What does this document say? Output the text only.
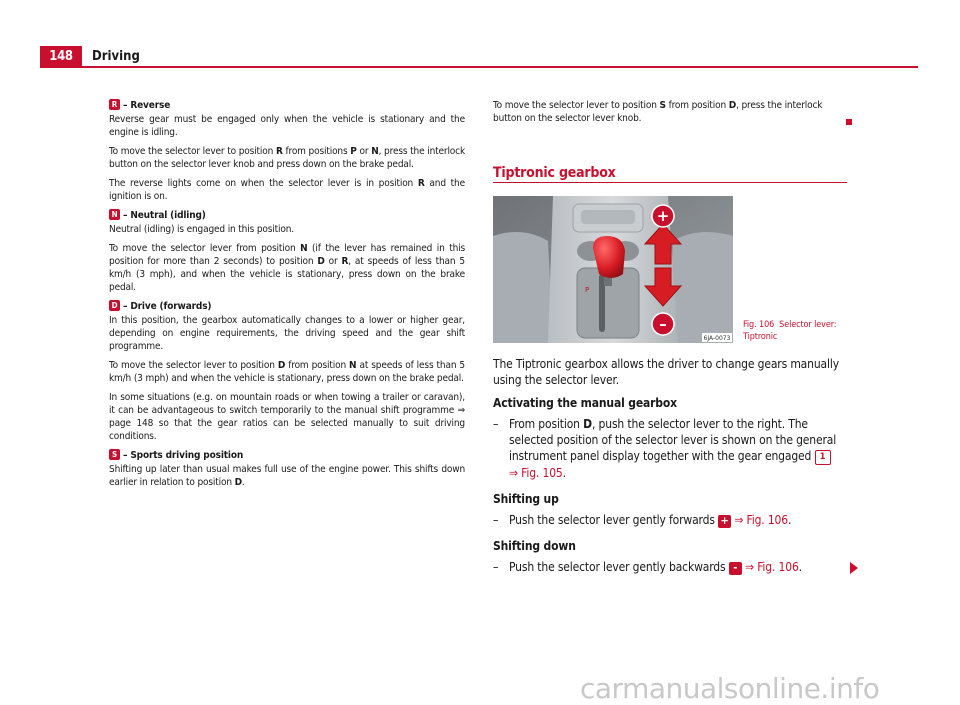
148	Driving

R – Reverse

Reverse gear must be engaged only when the vehicle is stationary and the engine is idling.

To move the selector lever to position R from positions P or N, press the interlock button on the selector lever knob and press down on the brake pedal.

The reverse lights come on when the selector lever is in position R and the ignition is on.

N – Neutral (idling)

Neutral (idling) is engaged in this position.

To move the selector lever from position N (if the lever has remained in this position for more than 2 seconds) to position D or R, at speeds of less than 5 km/h (3 mph), and when the vehicle is stationary, press down on the brake pedal.

D – Drive (forwards)

In this position, the gearbox automatically changes to a lower or higher gear, depending on engine requirements, the driving speed and the gear shift programme.

To move the selector lever to position D from position N at speeds of less than 5 km/h (3 mph) and when the vehicle is stationary, press down on the brake pedal.

In some situations (e.g. on mountain roads or when towing a trailer or caravan), it can be advantageous to switch temporarily to the manual shift programme ⇒ page 148 so that the gear ratios can be selected manually to suit driving conditions.

S – Sports driving position

Shifting up later than usual makes full use of the engine power. This shifts down earlier in relation to position D.

To move the selector lever to position S from position D, press the interlock button on the selector lever knob.

Tiptronic gearbox
P
+
–
6JA-0073
Fig. 106 Selector lever:
Tiptronic

The Tiptronic gearbox allows the driver to change gears manually using the selector lever.

Activating the manual gearbox

– From position D, push the selector lever to the right. The selected position of the selector lever is shown on the general instrument panel display together with the gear engaged 1
⇒ Fig. 105.

Shifting up

– Push the selector lever gently forwards + ⇒ Fig. 106.

Shifting down

– Push the selector lever gently backwards - ⇒ Fig. 106.
carmanualsonline.info
